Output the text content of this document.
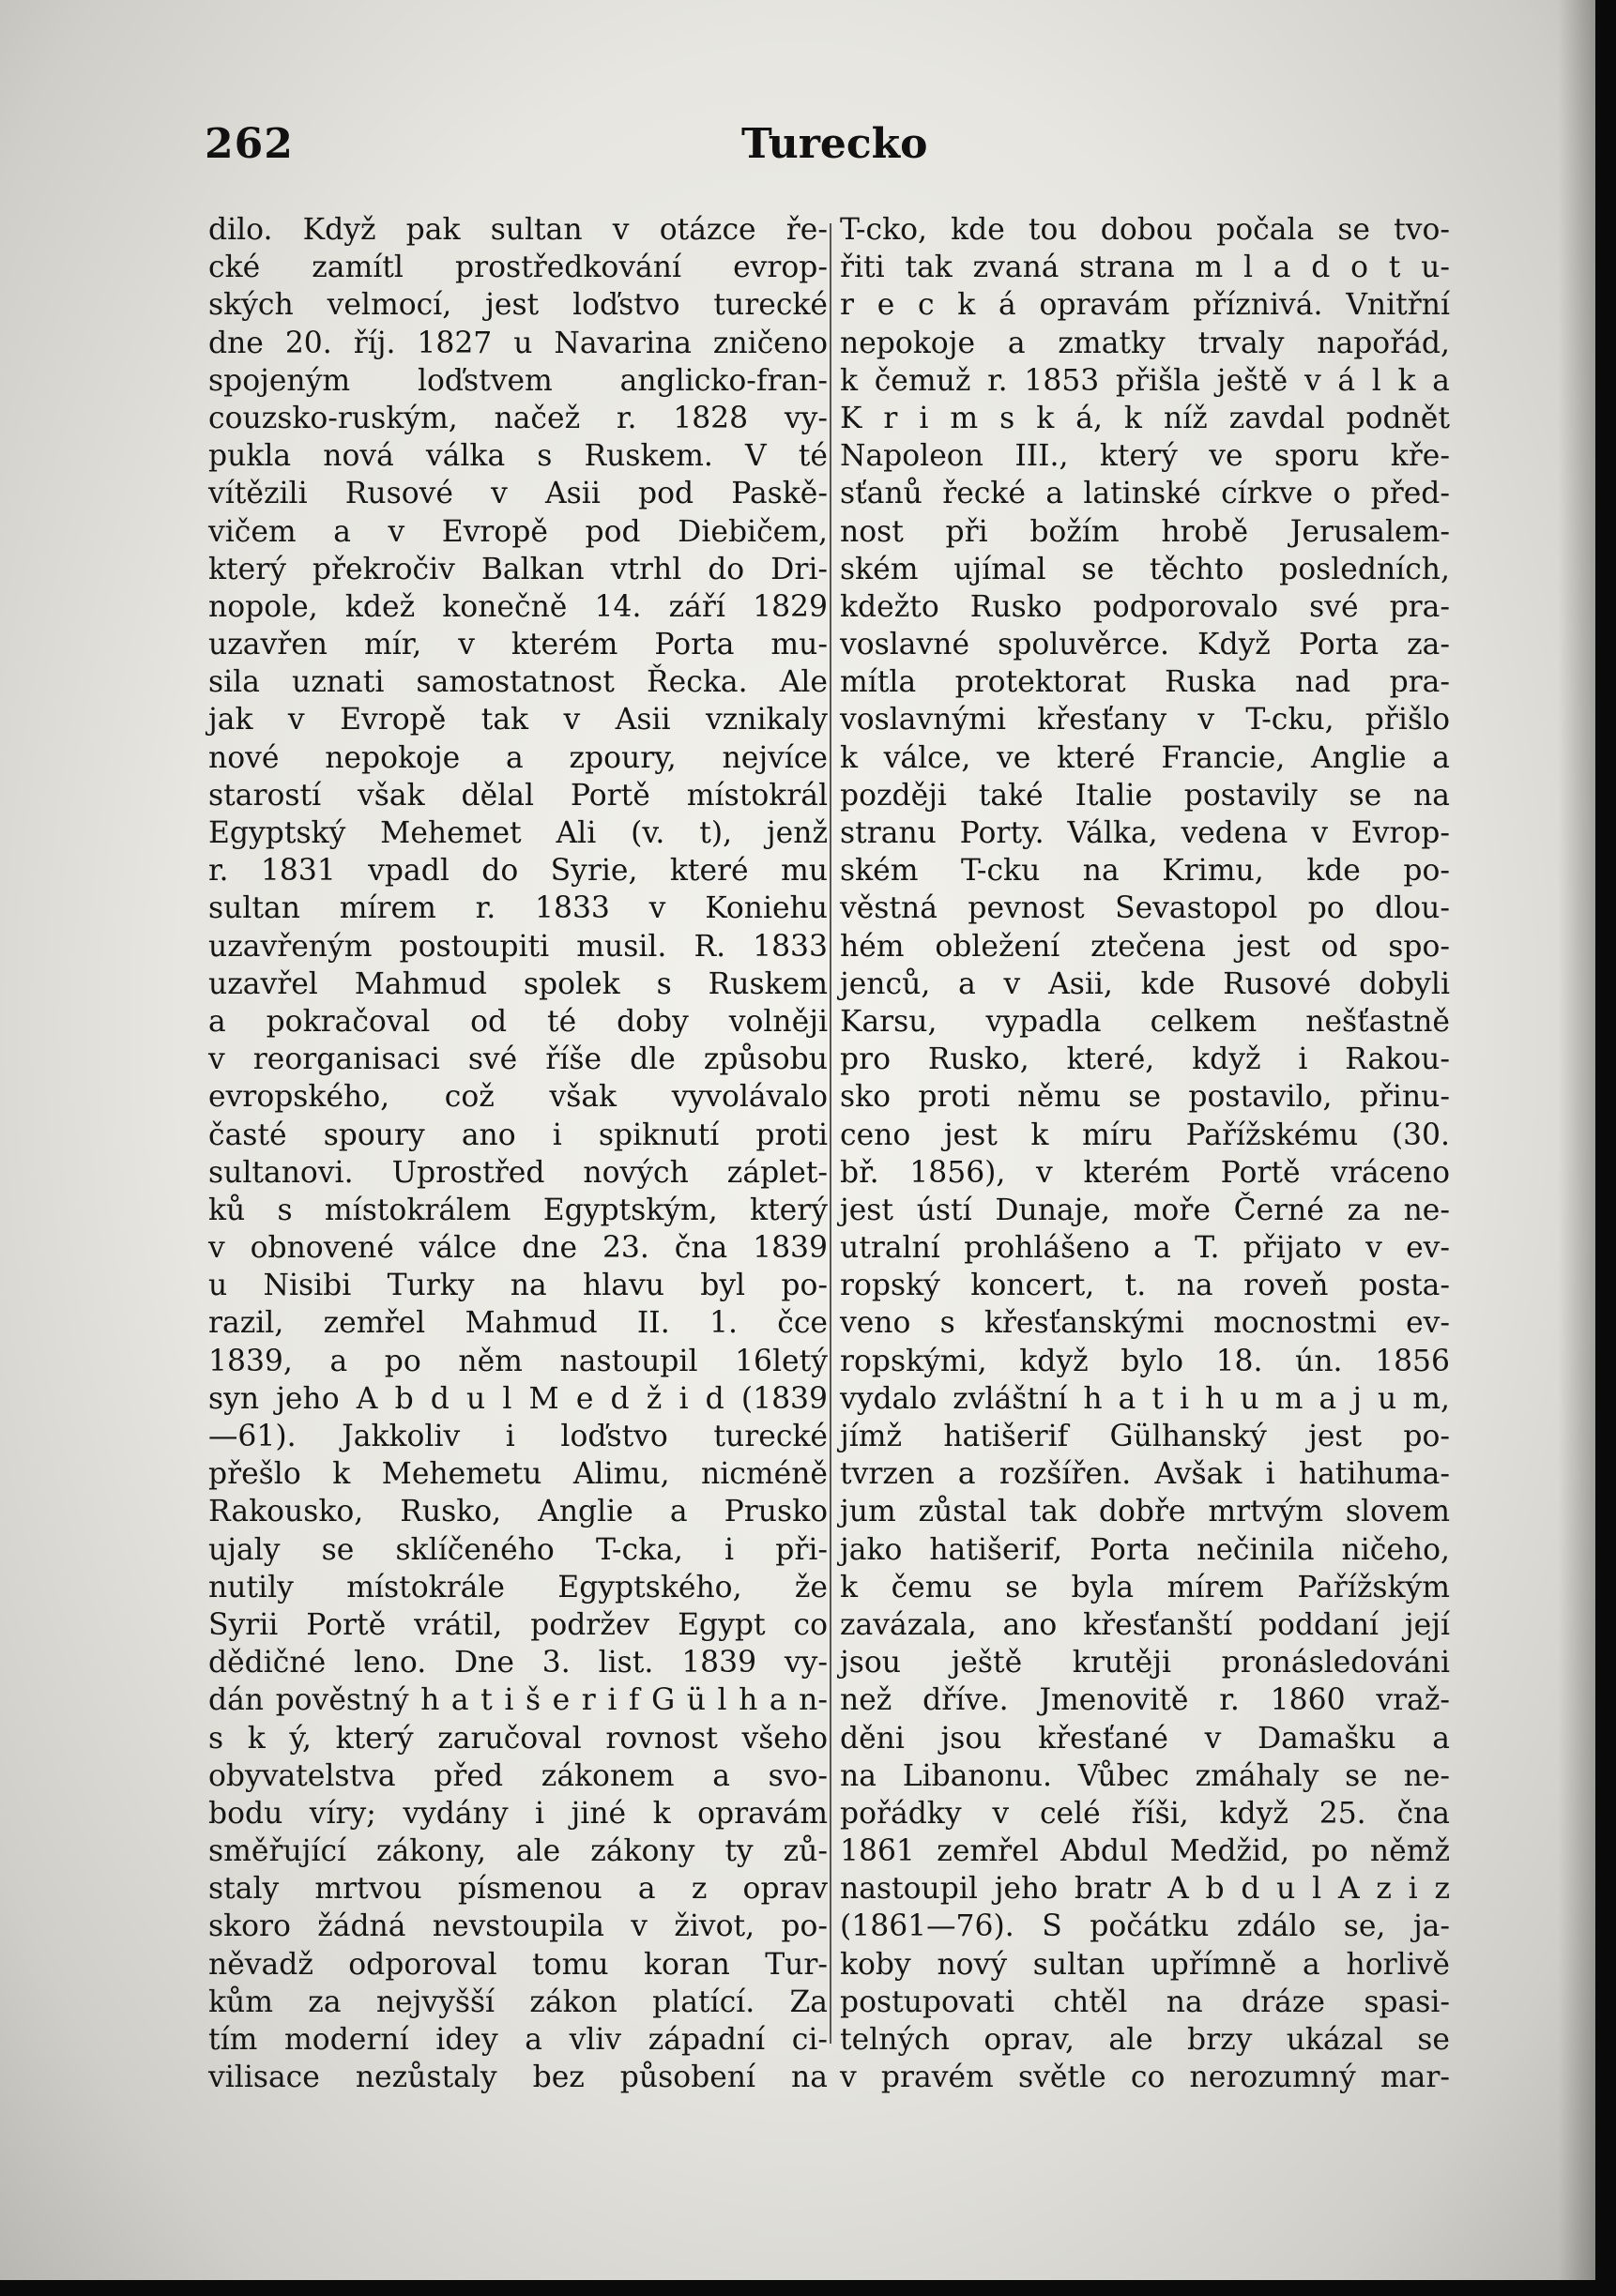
262	Turecko
dilo. Když pak sultan v otázce ře-
cké zamítl prostředkování evrop-
ských velmocí, jest loďstvo turecké
dne 20. říj. 1827 u Navarina zničeno
spojeným loďstvem anglicko-fran-
couzsko-ruským, načež r. 1828 vy-
pukla nová válka s Ruskem. V té
vítězili Rusové v Asii pod Paskě-
vičem a v Evropě pod Diebičem,
který překročiv Balkan vtrhl do Dri-
nopole, kdež konečně 14. září 1829
uzavřen mír, v kterém Porta mu-
sila uznati samostatnost Řecka. Ale
jak v Evropě tak v Asii vznikaly
nové nepokoje a zpoury, nejvíce
starostí však dělal Portě místokrál
Egyptský Mehemet Ali (v. t), jenž
r. 1831 vpadl do Syrie, které mu
sultan mírem r. 1833 v Koniehu
uzavřeným postoupiti musil. R. 1833
uzavřel Mahmud spolek s Ruskem
a pokračoval od té doby volněji
v reorganisaci své říše dle způsobu
evropského, což však vyvolávalo
časté spoury ano i spiknutí proti
sultanovi. Uprostřed nových záplet-
ků s místokrálem Egyptským, který
v obnovené válce dne 23. čna 1839
u Nisibi Turky na hlavu byl po-
razil, zemřel Mahmud II. 1. čce
1839, a po něm nastoupil 16letý
syn jeho A b d u l M e d ž i d (1839
—61). Jakkoliv i loďstvo turecké
přešlo k Mehemetu Alimu, nicméně
Rakousko, Rusko, Anglie a Prusko
ujaly se sklíčeného T-cka, i při-
nutily místokrále Egyptského, že
Syrii Portě vrátil, podržev Egypt co
dědičné leno. Dne 3. list. 1839 vy-
dán pověstný h a t i š e r i f G ü l h a n-
s k ý, který zaručoval rovnost všeho
obyvatelstva před zákonem a svo-
bodu víry; vydány i jiné k opravám
směřující zákony, ale zákony ty zů-
staly mrtvou písmenou a z oprav
skoro žádná nevstoupila v život, po-
něvadž odporoval tomu koran Tur-
kům za nejvyšší zákon platící. Za
tím moderní idey a vliv západní ci-
vilisace nezůstaly bez působení na
T-cko, kde tou dobou počala se tvo-
řiti tak zvaná strana m l a d o t u-
r e c k á opravám příznivá. Vnitřní
nepokoje a zmatky trvaly napořád,
k čemuž r. 1853 přišla ještě v á l k a
K r i m s k á, k níž zavdal podnět
Napoleon III., který ve sporu kře-
sťanů řecké a latinské církve o před-
nost při božím hrobě Jerusalem-
ském ujímal se těchto posledních,
kdežto Rusko podporovalo své pra-
voslavné spoluvěrce. Když Porta za-
mítla protektorat Ruska nad pra-
voslavnými křesťany v T-cku, přišlo
k válce, ve které Francie, Anglie a
později také Italie postavily se na
stranu Porty. Válka, vedena v Evrop-
ském T-cku na Krimu, kde po-
věstná pevnost Sevastopol po dlou-
hém obležení ztečena jest od spo-
jenců, a v Asii, kde Rusové dobyli
Karsu, vypadla celkem nešťastně
pro Rusko, které, když i Rakou-
sko proti němu se postavilo, přinu-
ceno jest k míru Pařížskému (30.
bř. 1856), v kterém Portě vráceno
jest ústí Dunaje, moře Černé za ne-
utralní prohlášeno a T. přijato v ev-
ropský koncert, t. na roveň posta-
veno s křesťanskými mocnostmi ev-
ropskými, když bylo 18. ún. 1856
vydalo zvláštní h a t i h u m a j u m,
jímž hatišerif Gülhanský jest po-
tvrzen a rozšířen. Avšak i hatihuma-
jum zůstal tak dobře mrtvým slovem
jako hatišerif, Porta nečinila ničeho,
k čemu se byla mírem Pařížským
zavázala, ano křesťanští poddaní její
jsou ještě krutěji pronásledováni
než dříve. Jmenovitě r. 1860 vraž-
děni jsou křesťané v Damašku a
na Libanonu. Vůbec zmáhaly se ne-
pořádky v celé říši, když 25. čna
1861 zemřel Abdul Medžid, po němž
nastoupil jeho bratr A b d u l A z i z
(1861—76). S počátku zdálo se, ja-
koby nový sultan upřímně a horlivě
postupovati chtěl na dráze spasi-
telných oprav, ale brzy ukázal se
v pravém světle co nerozumný mar-
